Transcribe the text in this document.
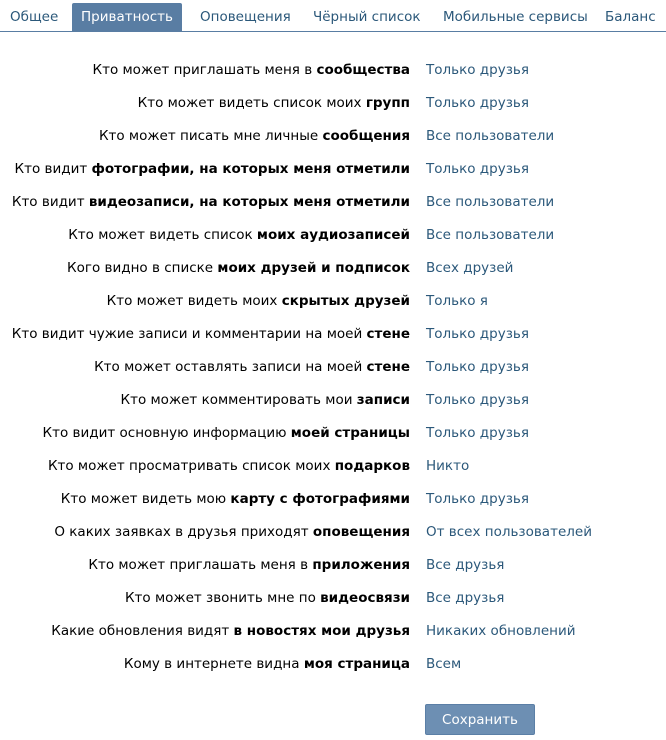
Общее	Приватность	Оповещения Чёрный список Мобильные сервисы Баланс
Кто может приглашать меня в сообщества Только друзья
Кто может видеть список моих групп Только друзья
Кто может писать мне личные сообщения Все пользователи
Кто видит фотографии, на которых меня отметили Только друзья
Кто видит видеозаписи, на которых меня отметили Все пользователи
Кто может видеть список моих аудиозаписей Все пользователи
Кого видно в списке моих друзей и подписок Всех друзей
Кто может видеть моих скрытых друзей Только я
Кто видит чужие записи и комментарии на моей стене Только друзья
Кто может оставлять записи на моей стене Только друзья
Кто может комментировать мои записи Только друзья
Кто видит основную информацию моей страницы Только друзья
Кто может просматривать список моих подарков Никто
Кто может видеть мою карту с фотографиями Только друзья
О каких заявках в друзья приходят оповещения От всех пользователей
Кто может приглашать меня в приложения Все друзья
Кто может звонить мне по видеосвязи Все друзья
Какие обновления видят в новостях мои друзья Никаких обновлений
Кому в интернете видна моя страница Всем
Сохранить
